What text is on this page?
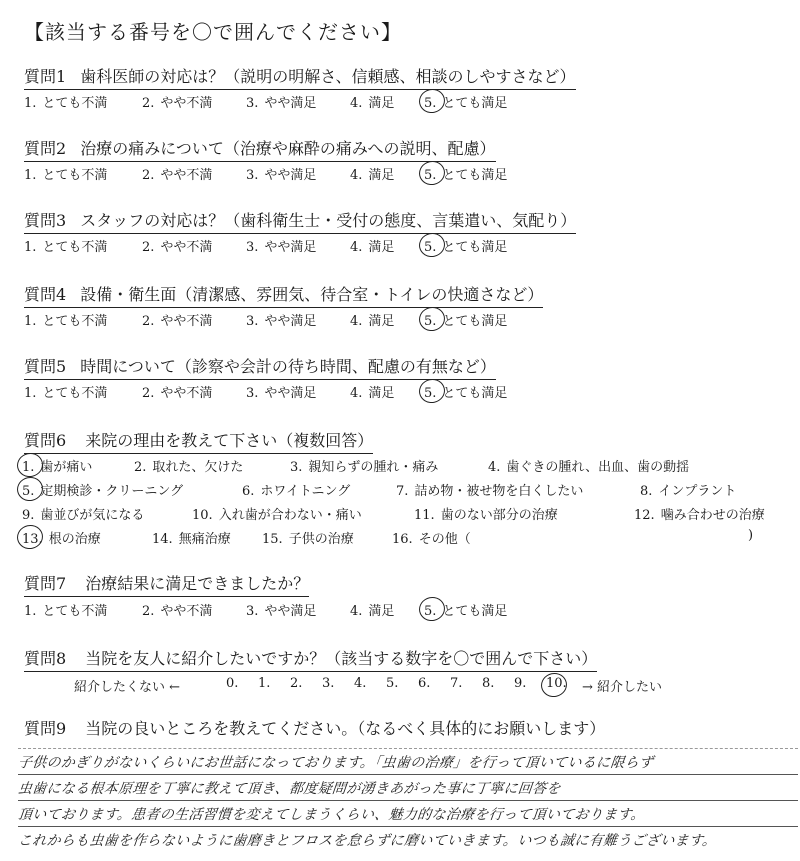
【該当する番号を〇で囲んでください】
質問1 歯科医師の対応は？（説明の明解さ、信頼感、相談のしやすさなど）
1. とても不満	2. やや不満	3. やや満足	4. 満足 5. とても満足
質問2 治療の痛みについて（治療や麻酔の痛みへの説明、配慮）
1. とても不満	2. やや不満	3. やや満足	4. 満足 5. とても満足
質問3 スタッフの対応は？（歯科衛生士・受付の態度、言葉遣い、気配り）
1. とても不満	2. やや不満	3. やや満足	4. 満足 5. とても満足
質問4 設備・衛生面（清潔感、雰囲気、待合室・トイレの快適さなど）
1. とても不満	2. やや不満	3. やや満足	4. 満足 5. とても満足
質問5 時間について（診察や会計の待ち時間、配慮の有無など）
1. とても不満	2. やや不満	3. やや満足	4. 満足 5. とても満足
質問6 来院の理由を教えて下さい（複数回答）
1. 歯が痛い	2. 取れた、欠けた	3. 親知らずの腫れ・痛み	4. 歯ぐきの腫れ、出血、歯の動揺
5. 定期検診・クリーニング	6. ホワイトニング	7. 詰め物・被せ物を白くしたい	8. インプラント
9. 歯並びが気になる	10. 入れ歯が合わない・痛い	11. 歯のない部分の治療	12. 噛み合わせの治療
13. 根の治療	14. 無痛治療 15. 子供の治療	16. その他（	)
質問7 治療結果に満足できましたか？
1. とても不満	2. やや不満	3. やや満足	4. 満足 5. とても満足
質問8 当院を友人に紹介したいですか？（該当する数字を〇で囲んで下さい）
紹介したくない ←	0. 1. 2. 3. 4. 5. 6. 7. 8. 9. 10. → 紹介したい
質問9 当院の良いところを教えてください。（なるべく具体的にお願いします）
子供のかぎりがないくらいにお世話になっております。「虫歯の治療」を行って頂いているに限らず
虫歯になる根本原理を丁寧に教えて頂き、都度疑問が湧きあがった事に丁寧に回答を
頂いております。患者の生活習慣を変えてしまうくらい、魅力的な治療を行って頂いております。
これからも虫歯を作らないように歯磨きとフロスを怠らずに磨いていきます。いつも誠に有難うございます。
